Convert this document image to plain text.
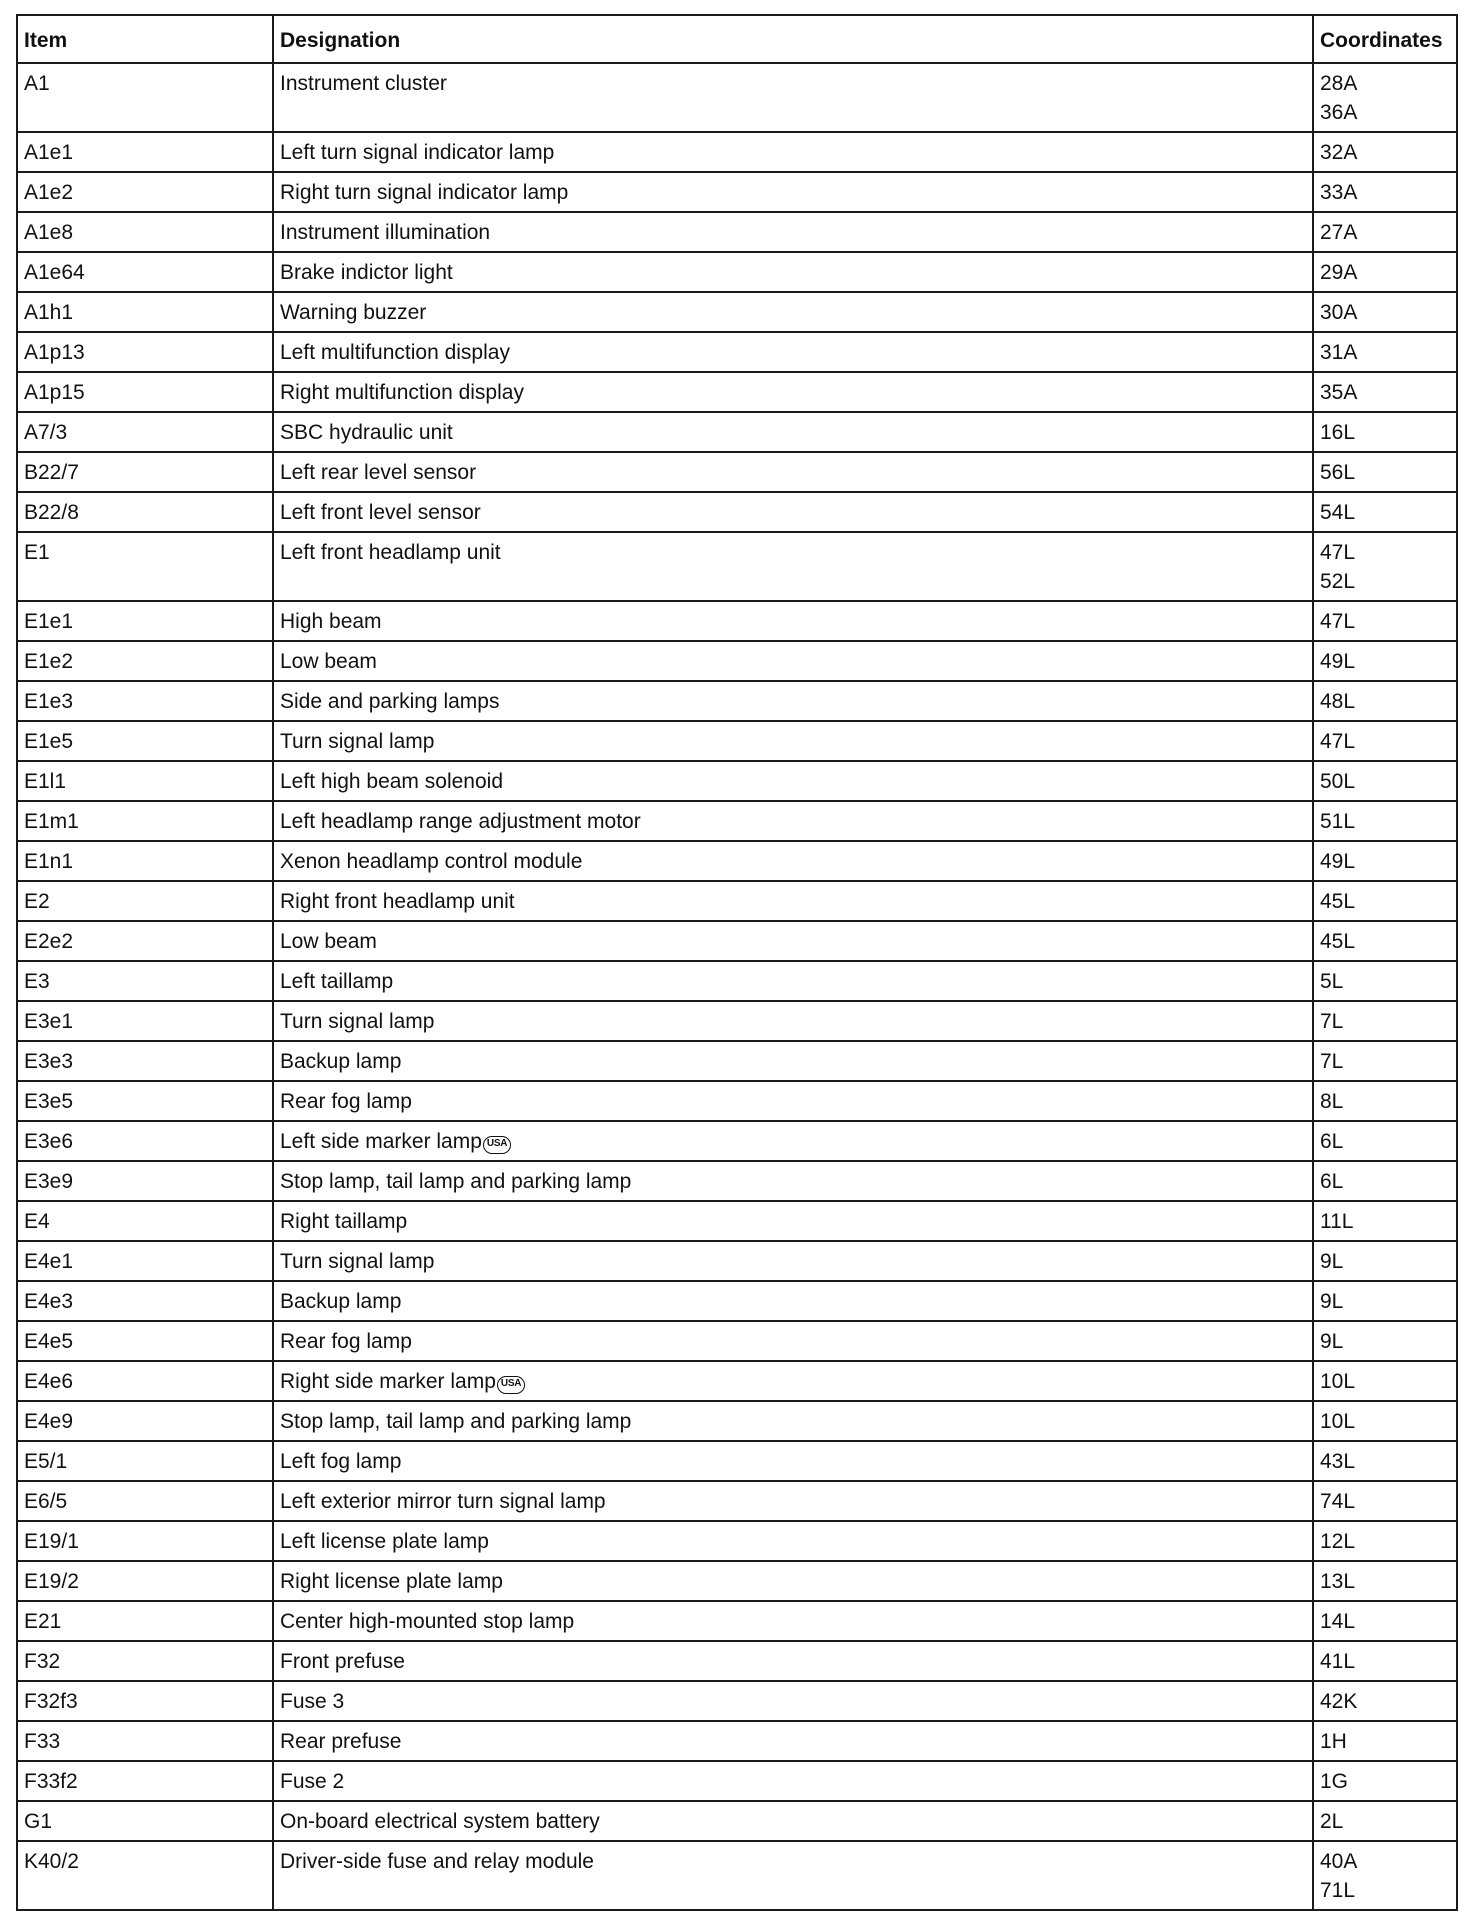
Item	Designation	Coordinates
A1	Instrument cluster	28A
36A

A1e1	Left turn signal indicator lamp	32A

A1e2	Right turn signal indicator lamp	33A

A1e8	Instrument illumination	27A

A1e64	Brake indictor light	29A

A1h1	Warning buzzer	30A

A1p13	Left multifunction display	31A

A1p15	Right multifunction display	35A

A7/3	SBC hydraulic unit	16L

B22/7	Left rear level sensor	56L

B22/8	Left front level sensor	54L

E1	Left front headlamp unit	47L
52L

E1e1	High beam	47L

E1e2	Low beam	49L

E1e3	Side and parking lamps	48L

E1e5	Turn signal lamp	47L

E1l1	Left high beam solenoid	50L

E1m1	Left headlamp range adjustment motor	51L

E1n1	Xenon headlamp control module	49L

E2	Right front headlamp unit	45L

E2e2	Low beam	45L

E3	Left taillamp	5L

E3e1	Turn signal lamp	7L

E3e3	Backup lamp	7L

E3e5	Rear fog lamp	8L

E3e6	Left side marker lamp USA	6L

E3e9	Stop lamp, tail lamp and parking lamp	6L

E4	Right taillamp	11L

E4e1	Turn signal lamp	9L

E4e3	Backup lamp	9L

E4e5	Rear fog lamp	9L

E4e6	Right side marker lamp USA	10L

E4e9	Stop lamp, tail lamp and parking lamp	10L

E5/1	Left fog lamp	43L

E6/5	Left exterior mirror turn signal lamp	74L

E19/1	Left license plate lamp	12L

E19/2	Right license plate lamp	13L

E21	Center high-mounted stop lamp	14L

F32	Front prefuse	41L

F32f3	Fuse 3	42K

F33	Rear prefuse	1H

F33f2	Fuse 2	1G

G1	On-board electrical system battery	2L

K40/2	Driver-side fuse and relay module	40A
71L
